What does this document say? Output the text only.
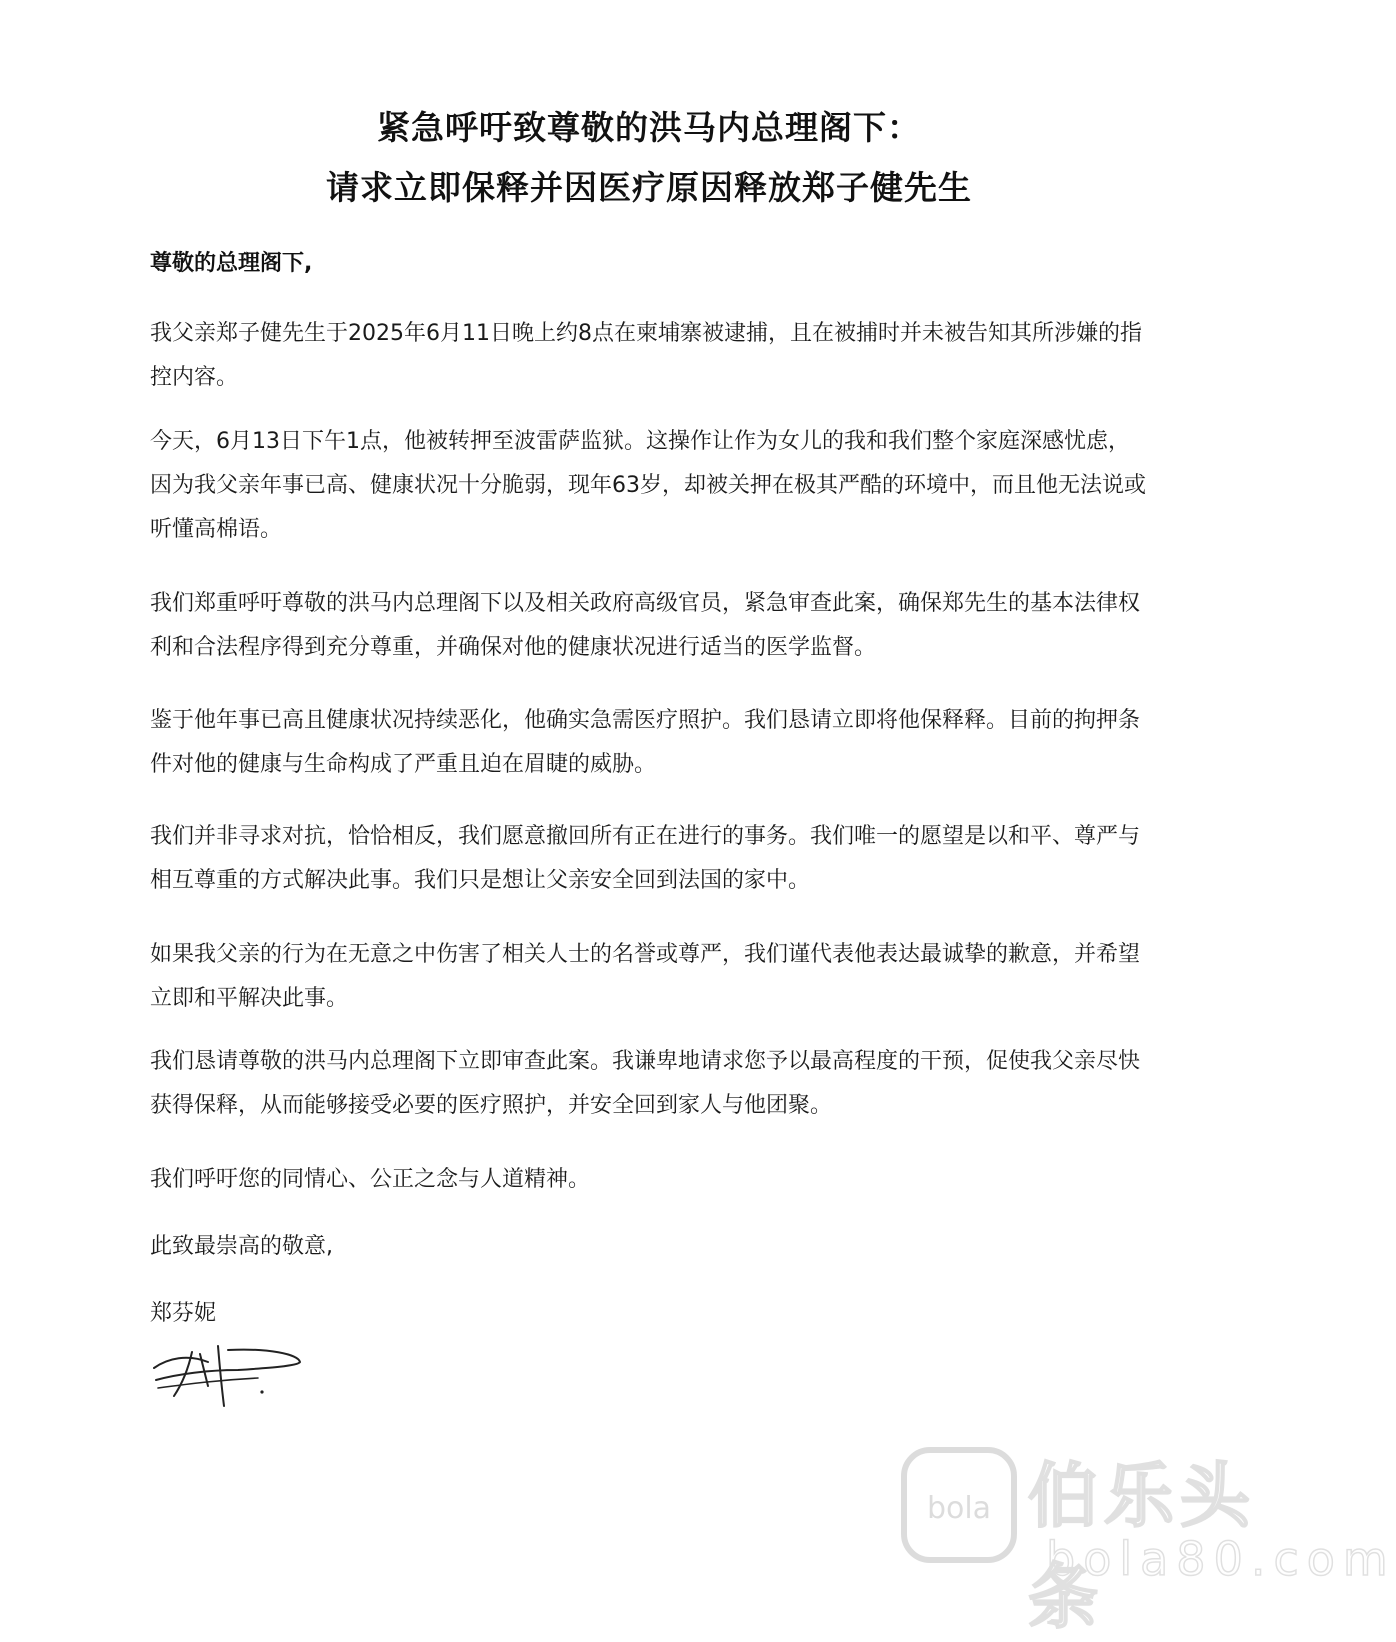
紧急呼吁致尊敬的洪马内总理阁下：
请求立即保释并因医疗原因释放郑子健先生
尊敬的总理阁下,

我父亲郑子健先生于2025年6月11日晚上约8点在柬埔寨被逮捕，且在被捕时并未被告知其所涉嫌的指控内容。

今天，6月13日下午1点，他被转押至波雷萨监狱。这操作让作为女儿的我和我们整个家庭深感忧虑，因为我父亲年事已高、健康状况十分脆弱，现年63岁，却被关押在极其严酷的环境中，而且他无法说或听懂高棉语。

我们郑重呼吁尊敬的洪马内总理阁下以及相关政府高级官员，紧急审查此案，确保郑先生的基本法律权利和合法程序得到充分尊重，并确保对他的健康状况进行适当的医学监督。

鉴于他年事已高且健康状况持续恶化，他确实急需医疗照护。我们恳请立即将他保释释。目前的拘押条件对他的健康与生命构成了严重且迫在眉睫的威胁。

我们并非寻求对抗，恰恰相反，我们愿意撤回所有正在进行的事务。我们唯一的愿望是以和平、尊严与相互尊重的方式解决此事。我们只是想让父亲安全回到法国的家中。

如果我父亲的行为在无意之中伤害了相关人士的名誉或尊严，我们谨代表他表达最诚挚的歉意，并希望立即和平解决此事。

我们恳请尊敬的洪马内总理阁下立即审查此案。我谦卑地请求您予以最高程度的干预，促使我父亲尽快获得保释，从而能够接受必要的医疗照护，并安全回到家人与他团聚。

我们呼吁您的同情心、公正之念与人道精神。

此致最崇高的敬意,
郑芬妮
bola 伯乐头条
bola80.com
